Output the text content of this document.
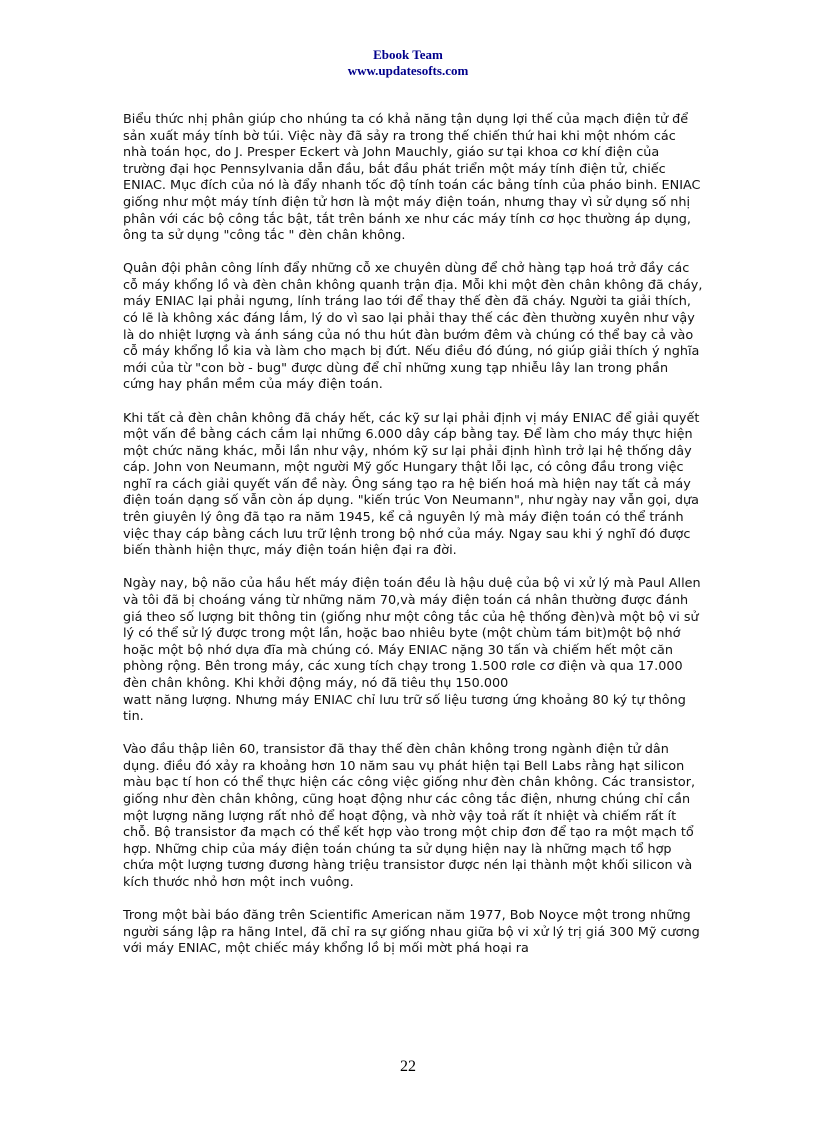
Ebook Team
www.updatesofts.com

Biểu thức nhị phân giúp cho nhúng ta có khả năng tận dụng lợi thế của mạch điện tử để sản xuất máy tính bờ túi. Việc này đã sảy ra trong thế chiến thứ hai khi một nhóm các nhà toán học, do J. Presper Eckert và John Mauchly, giáo sư tại khoa cơ khí điện của trường đại học Pennsylvania dẫn đầu, bắt đầu phát triển một máy tính điện tử, chiếc ENIAC. Mục đích của nó là đẩy nhanh tốc độ tính toán các bảng tính của pháo binh. ENIAC giống như một máy tính điện tử hơn là một máy điện toán, nhưng thay vì sử dụng số nhị phân với các bộ công tắc bật, tắt trên bánh xe như các máy tính cơ học thường áp dụng, ông ta sử dụng "công tắc " đèn chân không.

Quân đội phân công lính đẩy những cỗ xe chuyên dùng để chở hàng tạp hoá trở đầy các cỗ máy khổng lồ và đèn chân không quanh trận địa. Mỗi khi một đèn chân không đã cháy, máy ENIAC lại phải ngưng, lính tráng lao tới để thay thế đèn đã cháy. Người ta giải thích, có lẽ là không xác đáng lắm, lý do vì sao lại phải thay thế các đèn thường xuyên như vậy là do nhiệt lượng và ánh sáng của nó thu hút đàn bướm đêm và chúng có thể bay cả vào cỗ máy khổng lồ kia và làm cho mạch bị đứt. Nếu điều đó đúng, nó giúp giải thích ý nghĩa mới của từ "con bờ - bug" được dùng để chỉ những xung tạp nhiễu lây lan trong phần cứng hay phần mềm của máy điện toán.

Khi tất cả đèn chân không đã cháy hết, các kỹ sư lại phải định vị máy ENIAC để giải quyết một vấn đề bằng cách cắm lại những 6.000 dây cáp bằng tay. Để làm cho máy thực hiện một chức năng khác, mỗi lần như vậy, nhóm kỹ sư lại phải định hình trở lại hệ thống dây cáp. John von Neumann, một người Mỹ gốc Hungary thật lỗi lạc, có công đầu trong việc nghĩ ra cách giải quyết vấn đề này. Ông sáng tạo ra hệ biến hoá mà hiện nay tất cả máy điện toán dạng số vẫn còn áp dụng. "kiến trúc Von Neumann", như ngày nay vẫn gọi, dựa trên giuyên lý ông đã tạo ra năm 1945, kể cả nguyên lý mà máy điện toán có thể tránh việc thay cáp bằng cách lưu trữ lệnh trong bộ nhớ của máy. Ngay sau khi ý nghĩ đó được biến thành hiện thực, máy điện toán hiện đại ra đời.

Ngày nay, bộ não của hầu hết máy điện toán đều là hậu duệ của bộ vi xử lý mà Paul Allen và tôi đã bị choáng váng từ những năm 70,và máy điện toán cá nhân thường được đánh giá theo số lượng bit thông tin (giống như một công tắc của hệ thống đèn)và một bộ vi sử lý có thể sử lý được trong một lần, hoặc bao nhiêu byte (một chùm tám bit)một bộ nhớ hoặc một bộ nhớ dựa đĩa mà chúng có. Máy ENIAC nặng 30 tấn và chiếm hết một căn phòng rộng. Bên trong máy, các xung tích chạy trong 1.500 rơle cơ điện và qua 17.000 đèn chân không. Khi khởi động máy, nó đã tiêu thụ 150.000
watt năng lượng. Nhưng máy ENIAC chỉ lưu trữ số liệu tương ứng khoảng 80 ký tự thông tin.

Vào đầu thập liên 60, transistor đã thay thế đèn chân không trong ngành điện tử dân dụng. điều đó xảy ra khoảng hơn 10 năm sau vụ phát hiện tại Bell Labs rằng hạt silicon màu bạc tí hon có thể thực hiện các công việc giống như đèn chân không. Các transistor, giống như đèn chân không, cũng hoạt động như các công tắc điện, nhưng chúng chỉ cần một lượng năng lượng rất nhỏ để hoạt động, và nhờ vậy toả rất ít nhiệt và chiếm rất ít chỗ. Bộ transistor đa mạch có thể kết hợp vào trong một chip đơn để tạo ra một mạch tổ hợp. Những chip của máy điện toán chúng ta sử dụng hiện nay là những mạch tổ hợp chứa một lượng tương đương hàng triệu transistor được nén lại thành một khối silicon và kích thước nhỏ hơn một inch vuông.

Trong một bài báo đăng trên Scientific American năm 1977, Bob Noyce một trong những người sáng lập ra hãng Intel, đã chỉ ra sự giống nhau giữa bộ vi xử lý trị giá 300 Mỹ cương với máy ENIAC, một chiếc máy khổng lồ bị mối mờt phá hoại ra

22
